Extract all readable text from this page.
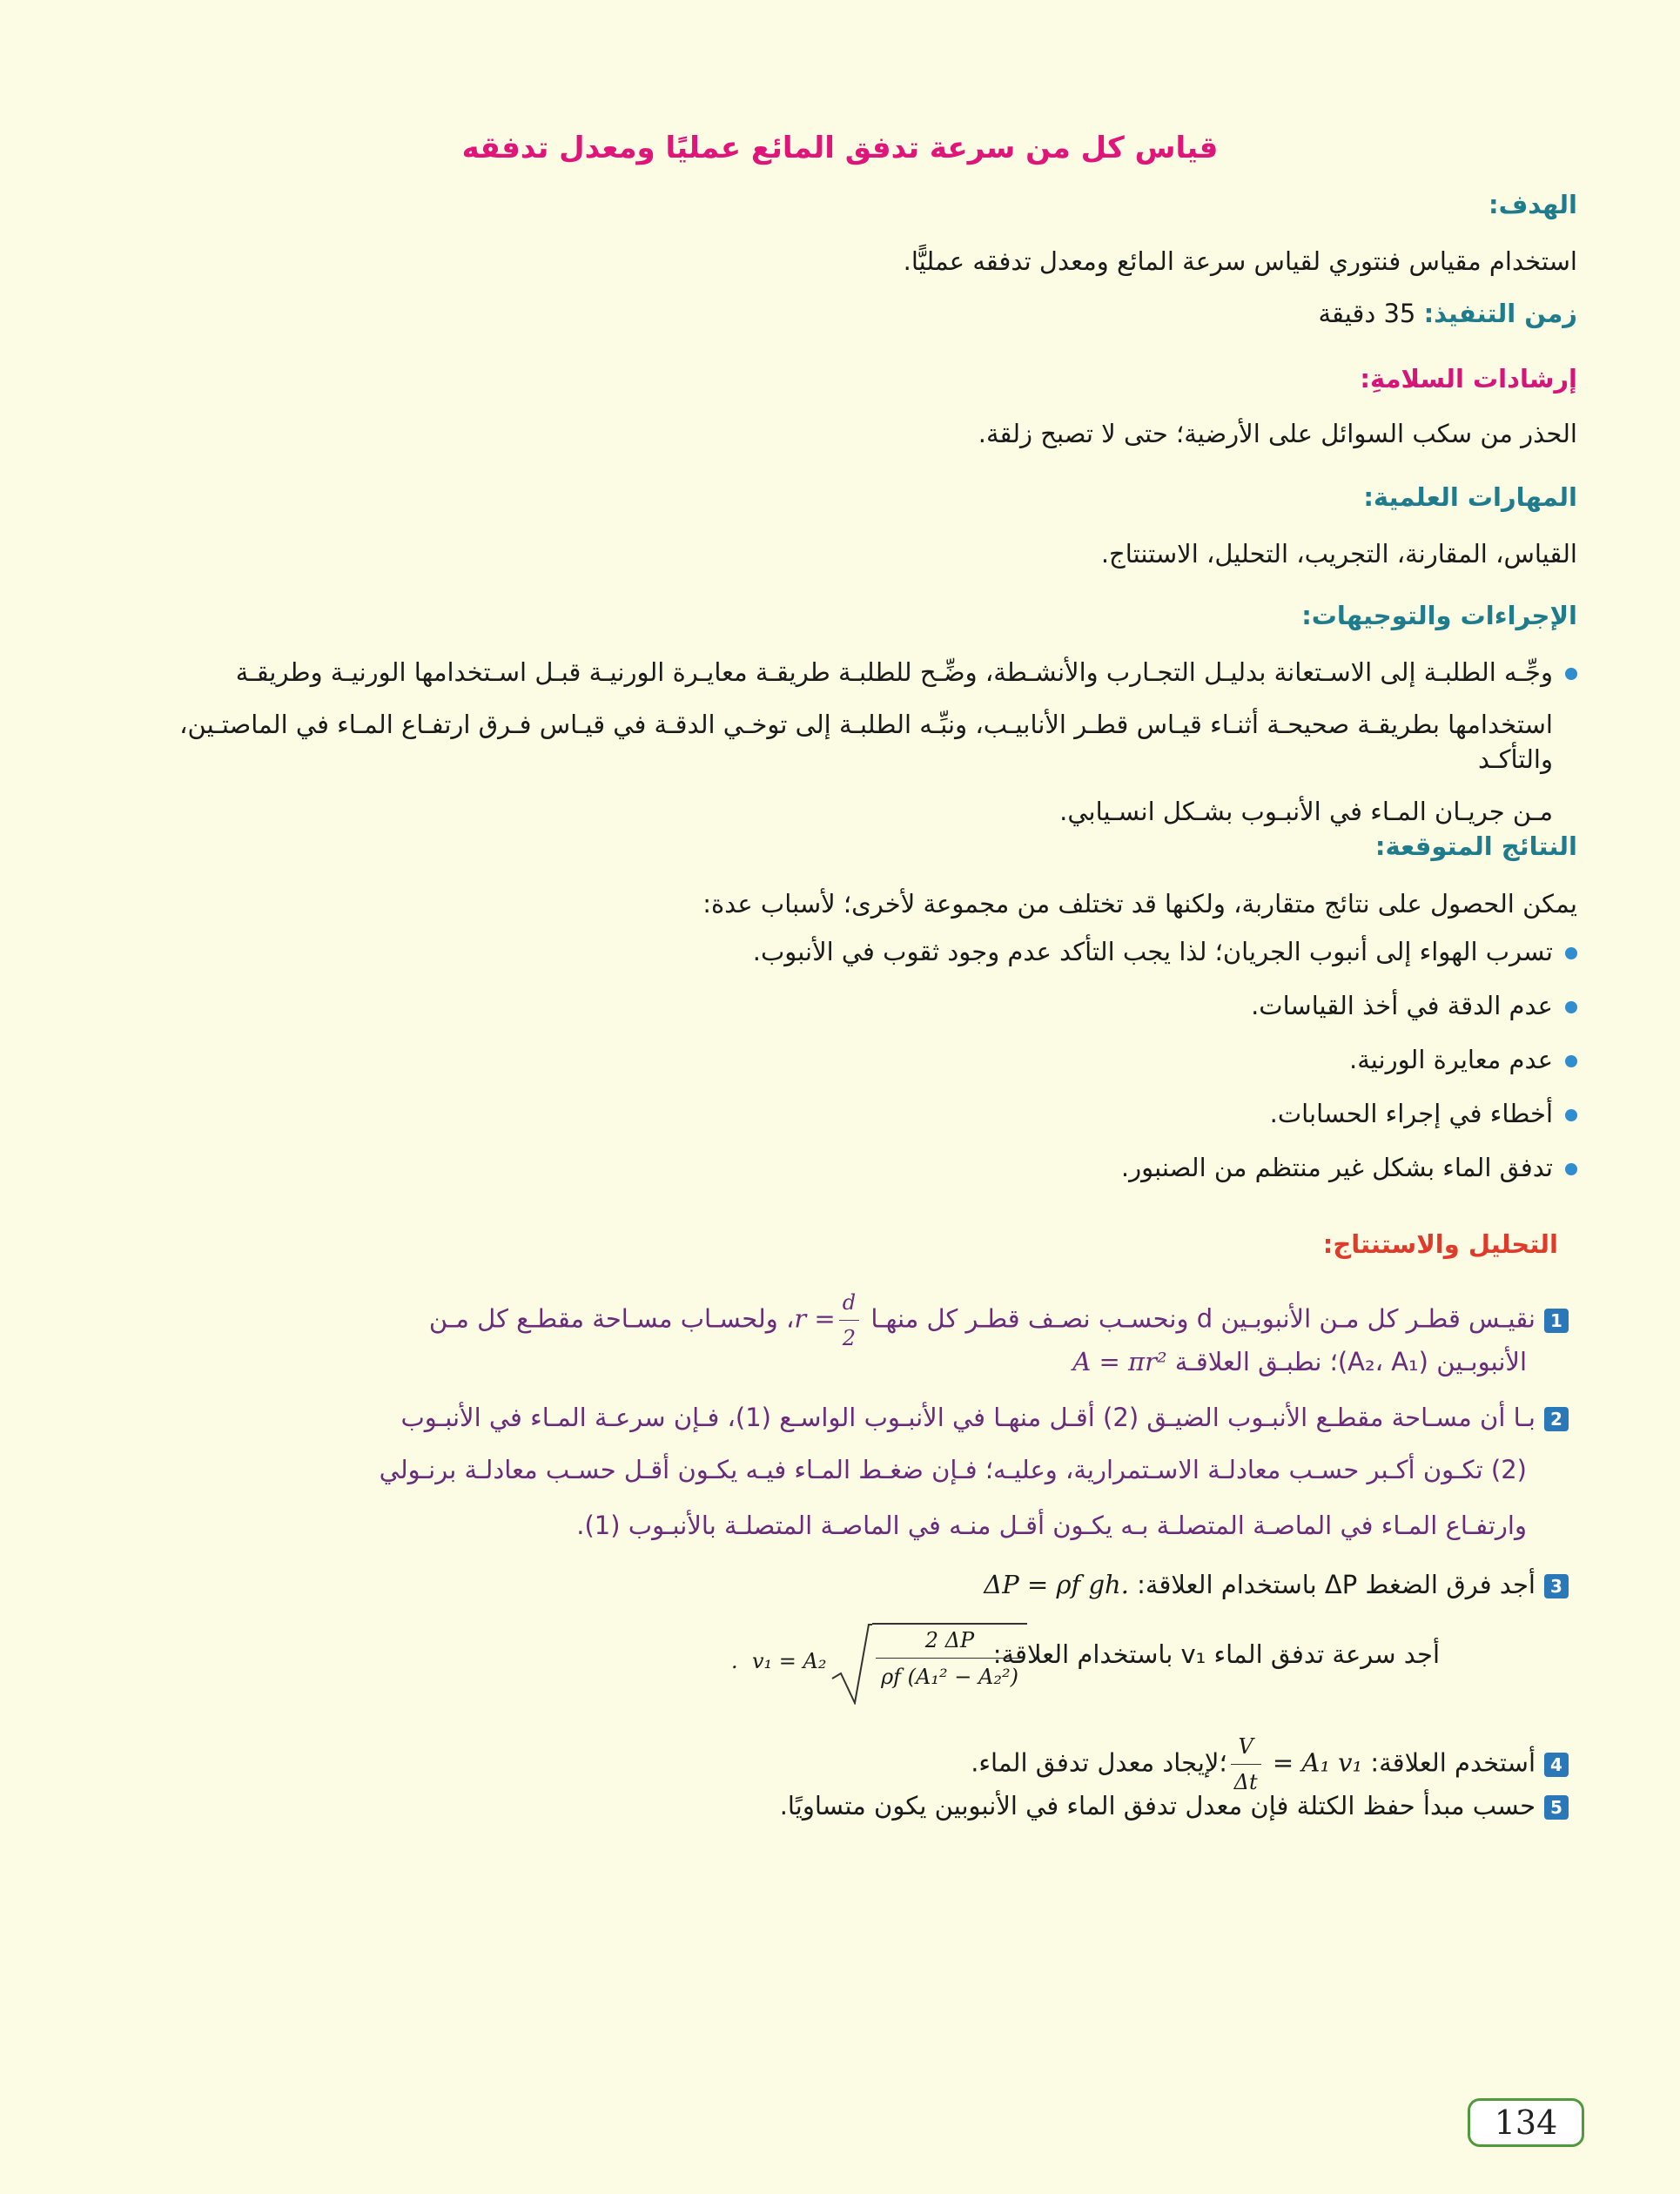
قياس كل من سرعة تدفق المائع عمليًا ومعدل تدفقه
الهدف:
استخدام مقياس فنتوري لقياس سرعة المائع ومعدل تدفقه عمليًّا.
زمن التنفيذ: 35 دقيقة
إرشادات السلامةِ:
الحذر من سكب السوائل على الأرضية؛ حتى لا تصبح زلقة.
المهارات العلمية:
القياس، المقارنة، التجريب، التحليل، الاستنتاج.
الإجراءات والتوجيهات:
وجِّـه الطلبـة إلى الاسـتعانة بدليـل التجـارب والأنشـطة، وضِّـح للطلبـة طريقـة معايـرة الورنيـة قبـل اسـتخدامها الورنيـة وطريقـة
استخدامها بطريقـة صحيحـة أثنـاء قيـاس قطـر الأنابيـب، ونبِّـه الطلبـة إلى توخـي الدقـة في قيـاس فـرق ارتفـاع المـاء في الماصتـين، والتأكـد
مـن جريـان المـاء في الأنبـوب بشـكل انسـيابي.
النتائج المتوقعة:
يمكن الحصول على نتائج متقاربة، ولكنها قد تختلف من مجموعة لأخرى؛ لأسباب عدة:
تسرب الهواء إلى أنبوب الجريان؛ لذا يجب التأكد عدم وجود ثقوب في الأنبوب.
عدم الدقة في أخذ القياسات.
عدم معايرة الورنية.
أخطاء في إجراء الحسابات.
تدفق الماء بشكل غير منتظم من الصنبور.
التحليل والاستنتاج:
1نقيـس قطـر كل مـن الأنبوبـين d ونحسـب نصـف قطـر كل منهـا
$\frac{d}{2}$
r =، ولحسـاب مسـاحة مقطـع كل مـن
الأنبوبـين (A₂، A₁)؛ نطبـق العلاقـة A = πr²
2بـا أن مسـاحة مقطـع الأنبـوب الضيـق (2) أقـل منهـا في الأنبـوب الواسـع (1)، فـإن سرعـة المـاء في الأنبـوب
(2) تكـون أكـبر حسـب معادلـة الاسـتمرارية، وعليـه؛ فـإن ضغـط المـاء فيـه يكـون أقـل حسـب معادلـة برنـولي
وارتفـاع المـاء في الماصـة المتصلـة بـه يكـون أقـل منـه في الماصـة المتصلـة بالأنبـوب (1).
3أجد فرق الضغط ΔP باستخدام العلاقة: ΔP = ρf gh.
أجد سرعة تدفق الماء v₁ باستخدام العلاقة:
. v₁ = A₂
2 ΔP
ρf (A₁² − A₂²)
4أستخدم العلاقة: = A₁ v₁
$\frac{V}{\Delta t}$
؛لإيجاد معدل تدفق الماء.
5حسب مبدأ حفظ الكتلة فإن معدل تدفق الماء في الأنبوبين يكون متساويًا.
134
